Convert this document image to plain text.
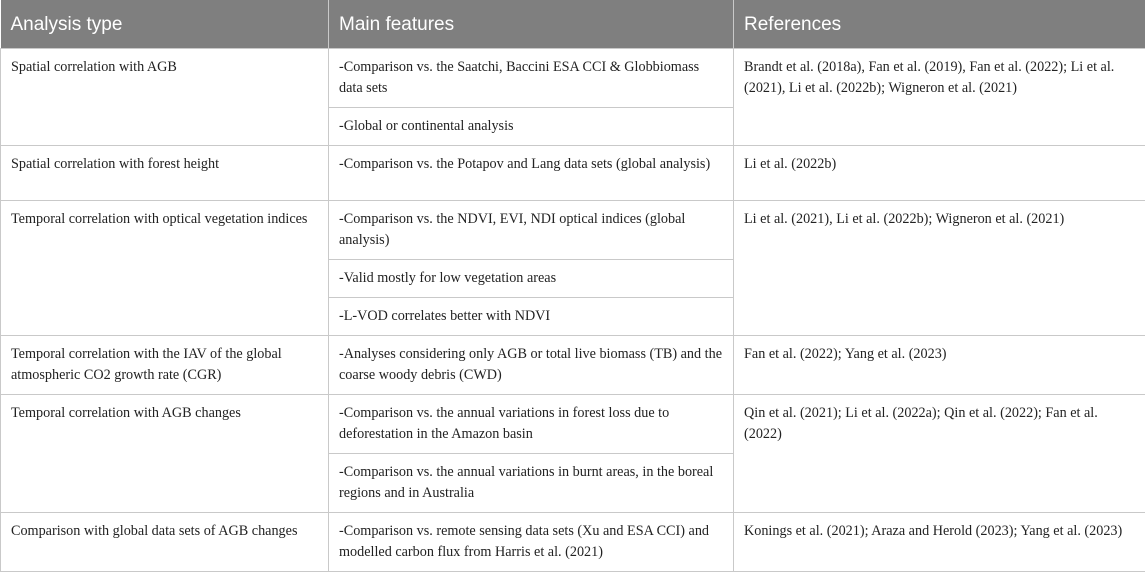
Analysis type	Main features	References
Spatial correlation with AGB	-Comparison vs. the Saatchi, Baccini ESA CCI & Globbiomass data sets	Brandt et al. (2018a), Fan et al. (2019), Fan et al. (2022); Li et al. (2021), Li et al. (2022b); Wigneron et al. (2021)
	-Global or continental analysis	
Spatial correlation with forest height	-Comparison vs. the Potapov and Lang data sets (global analysis)	Li et al. (2022b)
Temporal correlation with optical vegetation indices	-Comparison vs. the NDVI, EVI, NDI optical indices (global analysis)	Li et al. (2021), Li et al. (2022b); Wigneron et al. (2021)
	-Valid mostly for low vegetation areas	
	-L-VOD correlates better with NDVI	
Temporal correlation with the IAV of the global atmospheric CO2 growth rate (CGR)	-Analyses considering only AGB or total live biomass (TB) and the coarse woody debris (CWD)	Fan et al. (2022); Yang et al. (2023)
Temporal correlation with AGB changes	-Comparison vs. the annual variations in forest loss due to deforestation in the Amazon basin	Qin et al. (2021); Li et al. (2022a); Qin et al. (2022); Fan et al. (2022)
	-Comparison vs. the annual variations in burnt areas, in the boreal regions and in Australia	
Comparison with global data sets of AGB changes	-Comparison vs. remote sensing data sets (Xu and ESA CCI) and modelled carbon flux from Harris et al. (2021)	Konings et al. (2021); Araza and Herold (2023); Yang et al. (2023)
